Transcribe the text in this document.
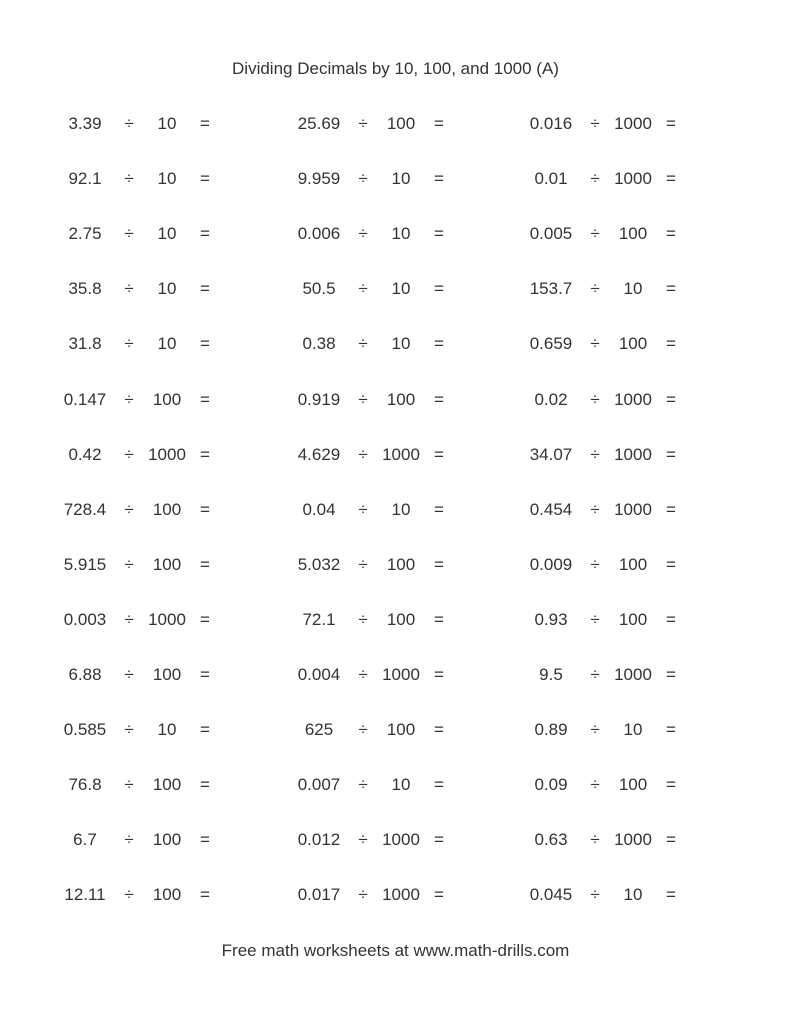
Dividing Decimals by 10, 100, and 1000 (A)
3.39	÷	10	=	25.69	÷	100	=	0.016	÷ 1000 =
92.1	÷	10	=	9.959	÷	10	=	0.01	÷ 1000 =
2.75	÷	10	=	0.006	÷	10	=	0.005	÷	100	=
35.8	÷	10	=	50.5	÷	10	=	153.7	÷	10	=
31.8	÷	10	=	0.38	÷	10	=	0.659	÷	100	=
0.147	÷	100	=	0.919	÷	100	=	0.02	÷ 1000 =
0.42	÷ 1000 =	4.629	÷ 1000 =	34.07	÷ 1000 =
728.4	÷	100	=	0.04	÷	10	=	0.454	÷ 1000 =
5.915	÷	100	=	5.032	÷	100	=	0.009	÷	100	=
0.003	÷ 1000 =	72.1	÷	100	=	0.93	÷	100	=
6.88	÷	100	=	0.004	÷ 1000 =	9.5	÷ 1000 =
0.585	÷	10	=	625	÷	100	=	0.89	÷	10	=
76.8	÷	100	=	0.007	÷	10	=	0.09	÷	100	=
6.7	÷	100	=	0.012	÷ 1000 =	0.63	÷ 1000 =
12.11	÷	100	=	0.017	÷ 1000 =	0.045	÷	10	=
Free math worksheets at www.math-drills.com
